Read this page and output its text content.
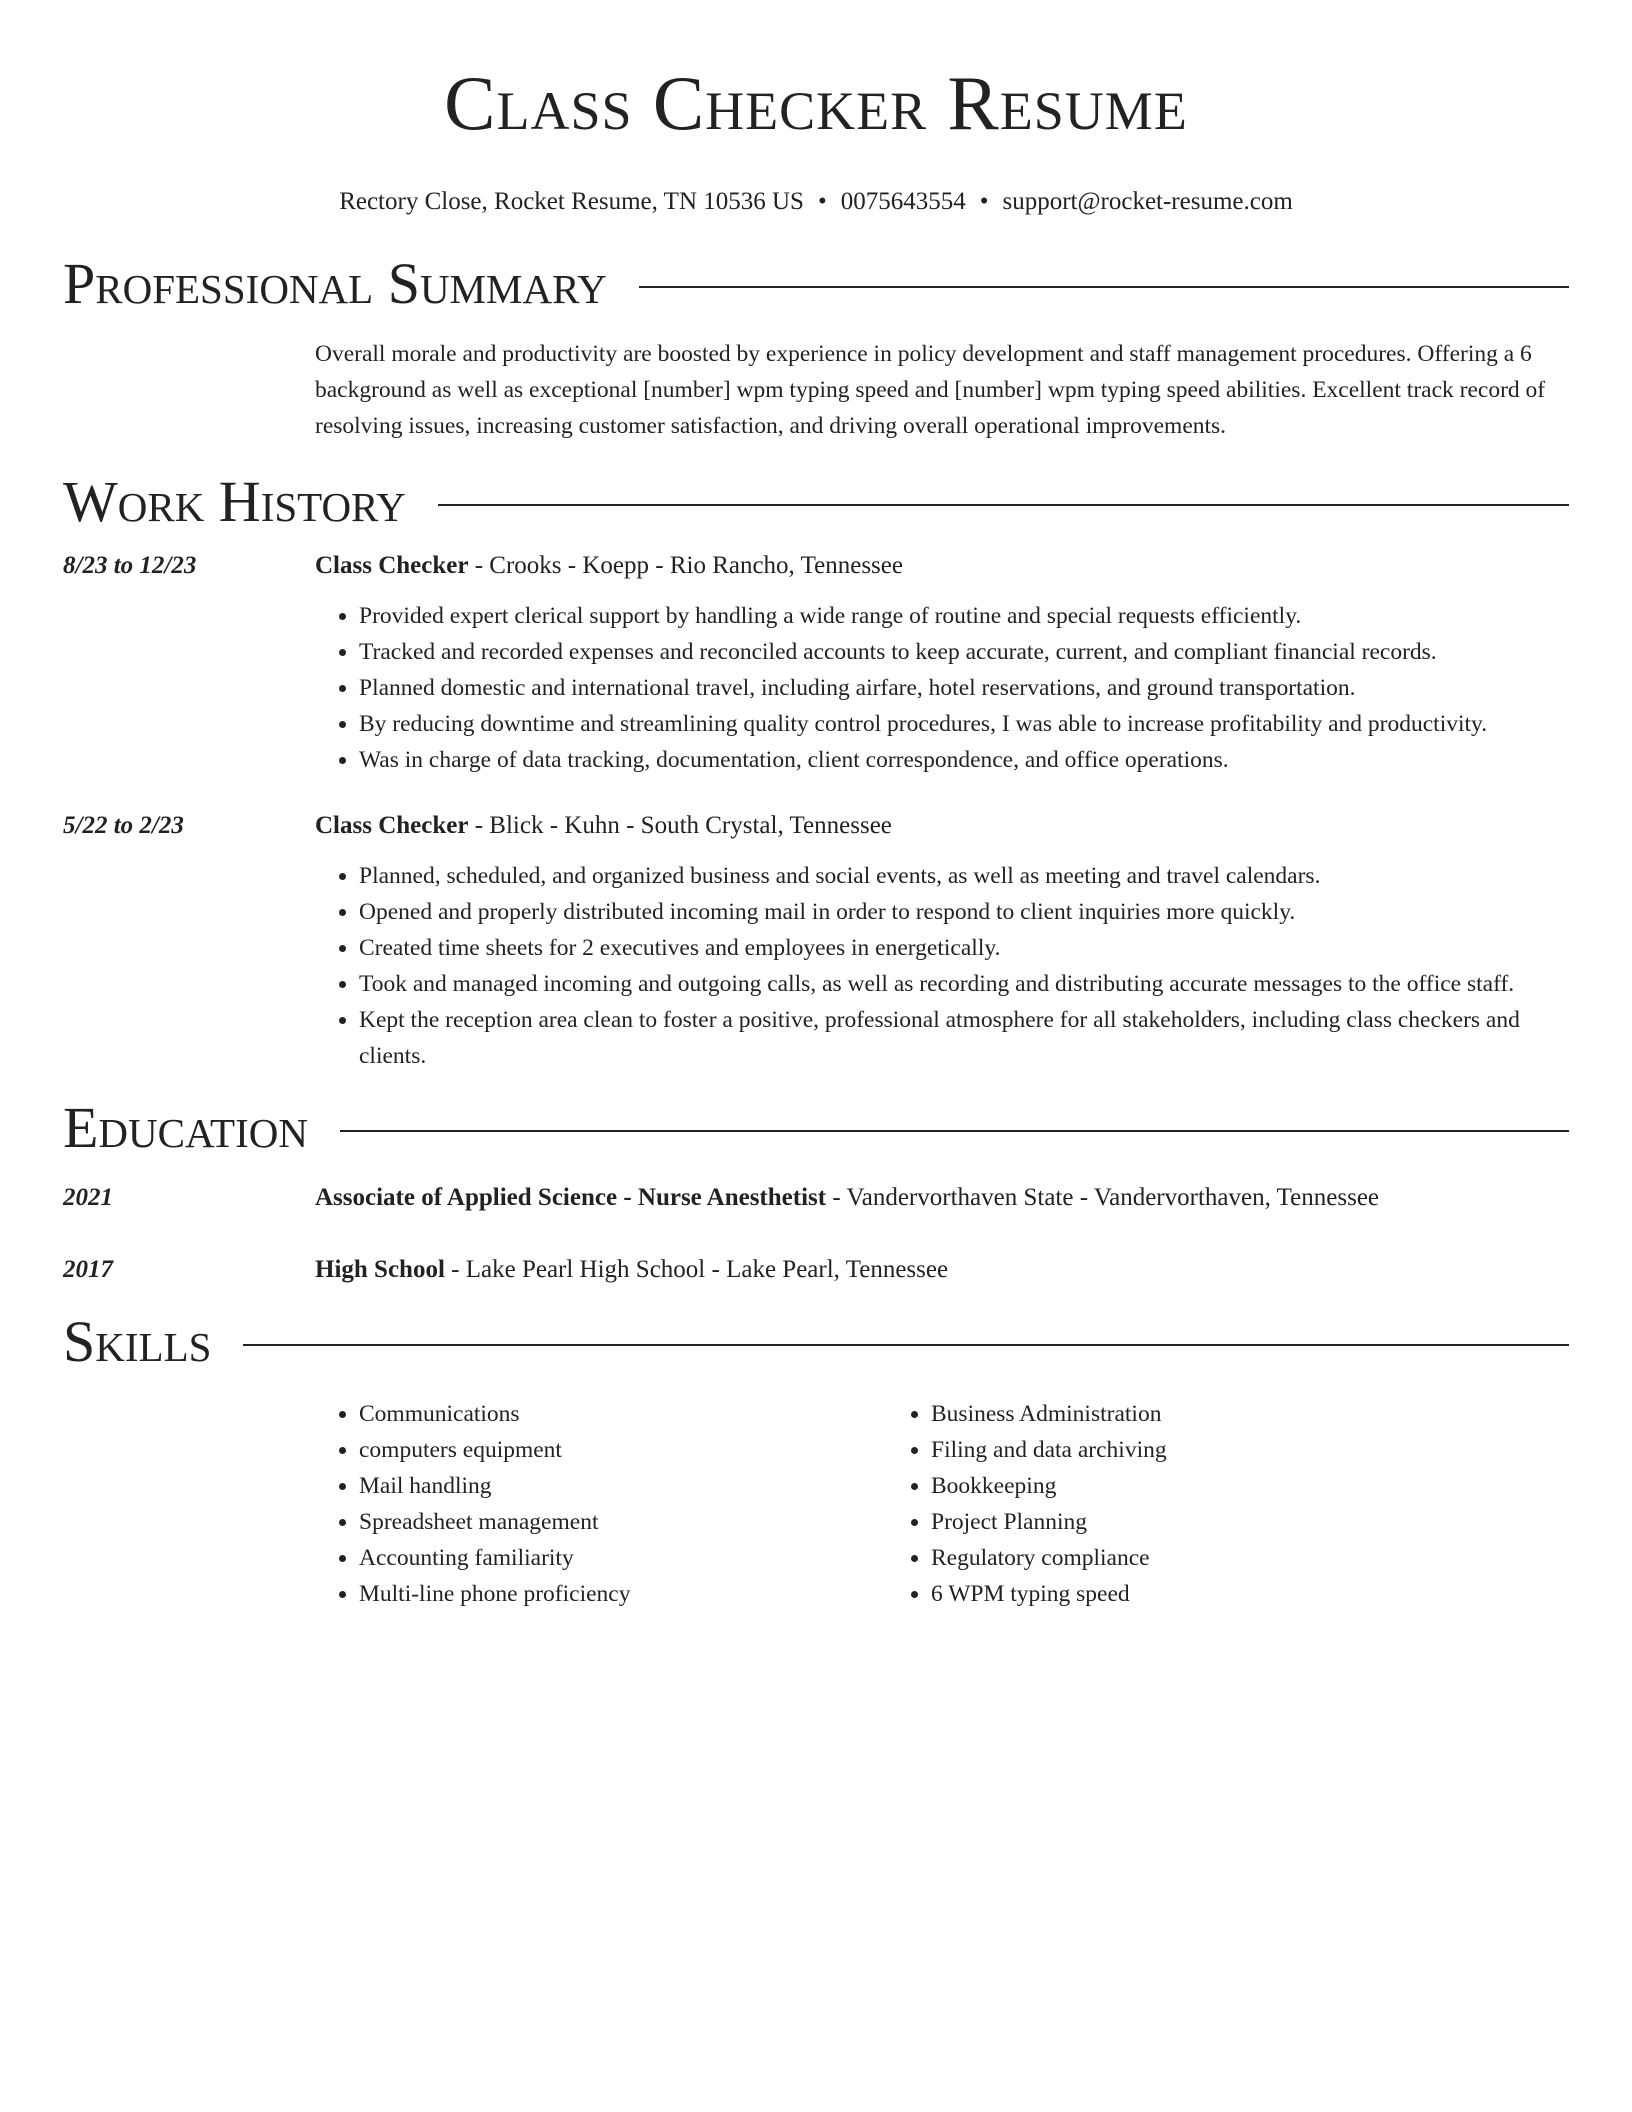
Class Checker Resume
Rectory Close, Rocket Resume, TN 10536 US • 0075643554 • support@rocket-resume.com
Professional Summary
Overall morale and productivity are boosted by experience in policy development and staff management procedures. Offering a 6 background as well as exceptional [number] wpm typing speed and [number] wpm typing speed abilities. Excellent track record of resolving issues, increasing customer satisfaction, and driving overall operational improvements.
Work History
8/23 to 12/23	Class Checker - Crooks - Koepp - Rio Rancho, Tennessee
• Provided expert clerical support by handling a wide range of routine and special requests efficiently.
• Tracked and recorded expenses and reconciled accounts to keep accurate, current, and compliant financial records.
• Planned domestic and international travel, including airfare, hotel reservations, and ground transportation.
• By reducing downtime and streamlining quality control procedures, I was able to increase profitability and productivity.
• Was in charge of data tracking, documentation, client correspondence, and office operations.
5/22 to 2/23	Class Checker - Blick - Kuhn - South Crystal, Tennessee
• Planned, scheduled, and organized business and social events, as well as meeting and travel calendars.
• Opened and properly distributed incoming mail in order to respond to client inquiries more quickly.
• Created time sheets for 2 executives and employees in energetically.
• Took and managed incoming and outgoing calls, as well as recording and distributing accurate messages to the office staff.
• Kept the reception area clean to foster a positive, professional atmosphere for all stakeholders, including class checkers and clients.
Education
2021	Associate of Applied Science - Nurse Anesthetist - Vandervorthaven State - Vandervorthaven, Tennessee
2017	High School - Lake Pearl High School - Lake Pearl, Tennessee
Skills
• Communications
• computers equipment
• Mail handling
• Spreadsheet management
• Accounting familiarity
• Multi-line phone proficiency
• Business Administration
• Filing and data archiving
• Bookkeeping
• Project Planning
• Regulatory compliance
• 6 WPM typing speed
